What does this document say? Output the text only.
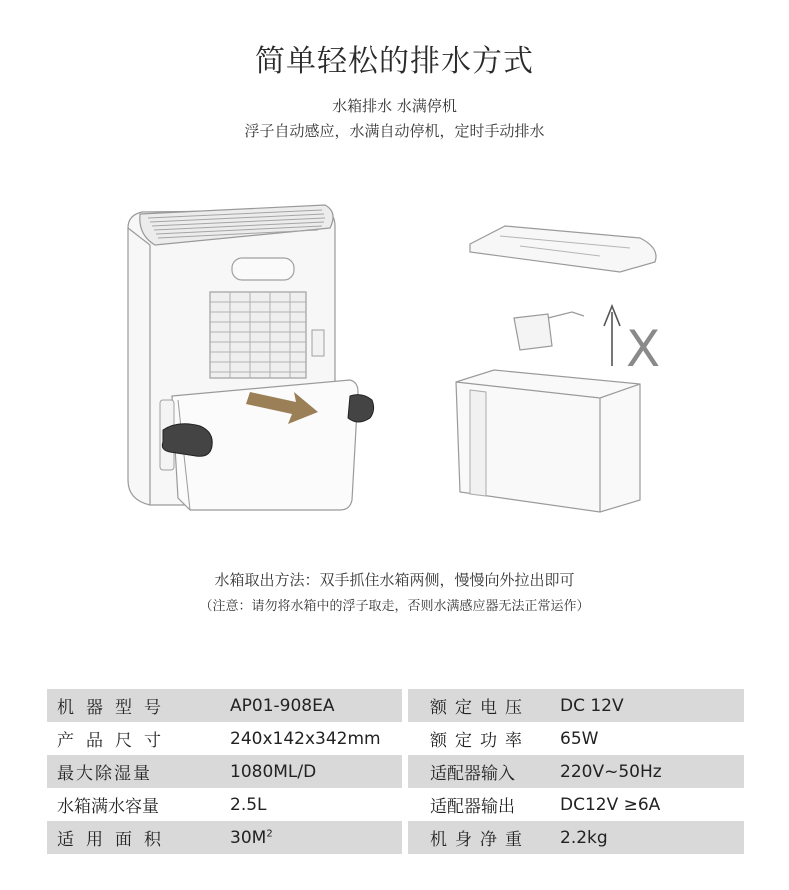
简单轻松的排水方式
水箱排水 水满停机
浮子自动感应，水满自动停机，定时手动排水
X
水箱取出方法：双手抓住水箱两侧，慢慢向外拉出即可
（注意：请勿将水箱中的浮子取走，否则水满感应器无法正常运作）
机器型号	AP01-908EA		额定电压	DC 12V
产品尺寸	240x142x342mm		额定功率	65W
最大除湿量	1080ML/D		适配器输入	220V~50Hz
水箱满水容量	2.5L		适配器输出	DC12V ≥6A
适用面积	$30M^2$		机身净重	2.2kg
